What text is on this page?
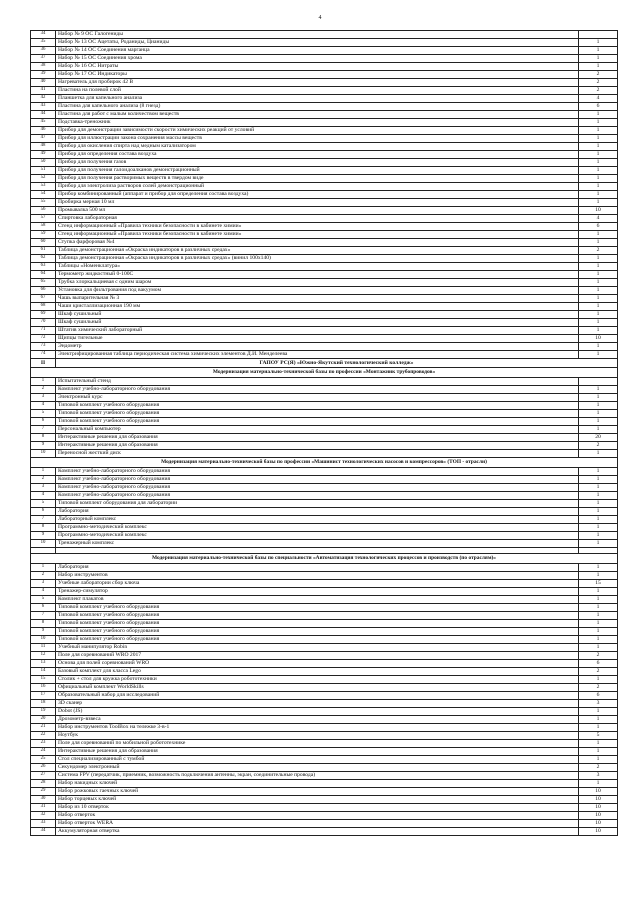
4
34	Набор № 9 ОС Галогениды	
35	Набор № 13 ОС Ацетаты, Роданиды, Цианиды	1
36	Набор № 14 ОС Соединения марганца	1
37	Набор № 15 ОС Соединения хрома	1
38	Набор № 16 ОС Нитраты	1
39	Набор № 17 ОС Индикаторы	2
40	Нагреватель для пробирок 42 В	2
41	Пластина на полевой слой	2
42	Планшетка для капельного анализа	4
43	Пластина для капельного анализа (8 гнезд)	6
44	Пластина для работ с малым количеством веществ	1
45	Подставка-треножник	1
46	Прибор для демонстрации зависимости скорости химических реакций от условий	1
47	Прибор для иллюстрации закона сохранения массы веществ	1
48	Прибор для окисления спирта над медным катализатором	1
49	Прибор для определения состава воздуха	1
50	Прибор для получения газов	1
51	Прибор для получения галоидоалканов демонстрационный	1
52	Прибор для получения растворимых веществ в твердом виде	1
53	Прибор для электролиза растворов солей демонстрационный	1
54	Прибор комбинированный (аппарат и прибор для определения состава воздуха)	1
55	Пробирка мерная 10 мл	1
56	Промывалка 500 мл	10
57	Спиртовка лабораторная	4
58	Стенд информационный «Правила техники безопасности в кабинете химии»	6
59	Стенд информационный «Правила техники безопасности в кабинете химии»	1
60	Ступка фарфоровая №4	1
61	Таблица демонстрационная «Окраска индикаторов в различных средах»	2
62	Таблица демонстрационная «Окраска индикаторов в различных средах» (винил 100х140)	1
63	Таблицы «Номенклатура»	1
64	Термометр жидкостный 0-100С	1
65	Трубка хлоркальциевая с одним шаром	1
66	Установка для фильтрования под вакуумом	1
67	Чашь выпарительная № 3	1
68	Чаши кристаллизационная 190 мм	1
69	Шкаф сушильный	1
70	Шкаф сушильный	1
71	Штатив химический лабораторный	1
72	Щипцы тигельные	10
73	Эндометр	1
74	Электрифицированная таблица периодическая система химических элементов Д.И. Менделеева	1
II	ГАПОУ РС(Я) «Южно-Якутский технологический колледж»	
Модернизация материально-технической базы по профессии «Монтажник трубопроводов»		
1	Испытательный стенд	
2	Комплект учебно-лабораторного оборудования	1
3	Электронный курс	1
4	Типовой комплект учебного оборудования	1
5	Типовой комплект учебного оборудования	1
6	Типовой комплект учебного оборудования	1
7	Персональный компьютер	1
8	Интерактивные решения для образования	20
9	Интерактивные решения для образования	2
10	Переносной жесткий диск	1
Модернизация материально-технической базы по профессии «Машинист технологических насосов и компрессоров» (ТОП - отрасли)		
1	Комплект учебно-лабораторного оборудования	1
2	Комплект учебно-лабораторного оборудования	1
3	Комплект учебно-лабораторного оборудования	1
4	Комплект учебно-лабораторного оборудования	1
5	Типовой комплект оборудования для лаборатории	1
6	Лаборатория	1
7	Лабораторный комплекс	1
8	Программно-методический комплекс	1
9	Программно-методический комплекс	1
10	Тренажерный комплекс	1

Модернизация материально-технической базы по специальности «Автоматизация технологических процессов и производств (по отраслям)»		
1	Лаборатория	1
2	Набор инструментов	1
3	Учебные лаборатории сбор ключа	15
4	Тренажер-симулятор	1
5	Комплект плакатов	1
6	Типовой комплект учебного оборудования	1
7	Типовой комплект учебного оборудования	1
8	Типовой комплект учебного оборудования	1
9	Типовой комплект учебного оборудования	1
10	Типовой комплект учебного оборудования	1
11	Учебный манипулятор Robin	1
12	Поле для соревнований WRO 2017	2
13	Основа для полей соревнований WRO	6
14	Базовый комплект для класса Lego	2
15	Столик + стол для кружка робототехники	1
16	Официальный комплект WorldSkills	2
17	Образовательный набор для исследований	6
18	3D сканер	3
19	Dobot (JS)	1
20	Дрозометр-взвеса	1
21	Набор инструментов ToolBox на тележке 3-в-1	1
22	Ноутбук	5
23	Поле для соревнований по мобильной робототехнике	1
24	Интерактивные решения для образования	1
25	Стол специализированный с тумбой	1
26	Секундомер электронный	2
27	Система FPV (передатчик, приемник, возможность подключения антенны, экран, соединительные провода)	3
28	Набор накидных ключей	1
29	Набор рожковых гаечных ключей	10
30	Набор торцевых ключей	10
31	Набор из 10 отверток	10
32	Набор отверток	10
33	Набор отверток WERA	10
34	Аккумуляторная отвертка	10
